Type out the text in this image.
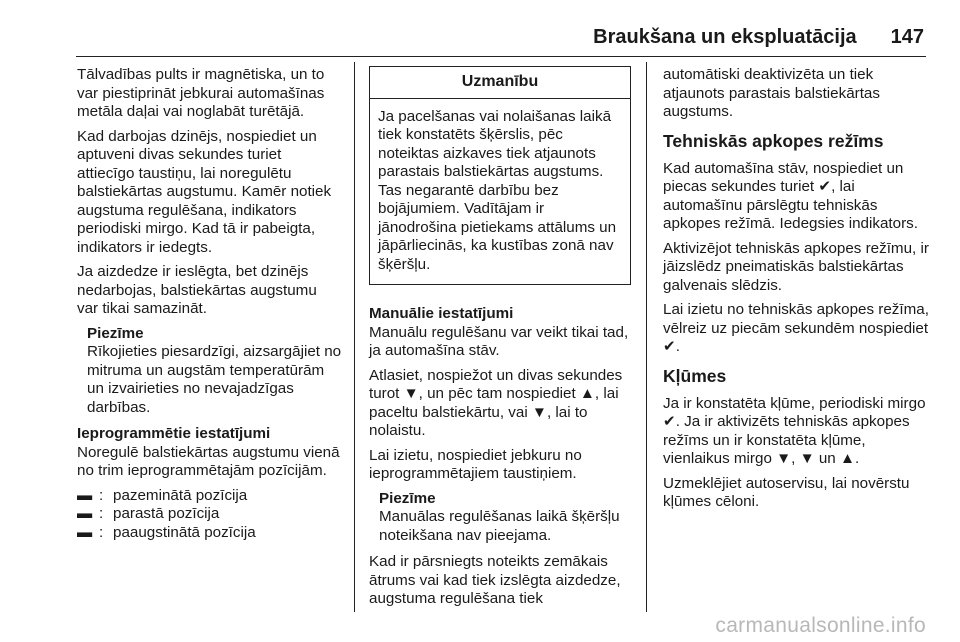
Braukšana un ekspluatācija 147

Tālvadības pults ir magnētiska, un to var piestiprināt jebkurai automašīnas metāla daļai vai noglabāt turētājā.

Kad darbojas dzinējs, nospiediet un aptuveni divas sekundes turiet attiecīgo taustiņu, lai noregulētu balstiekārtas augstumu. Kamēr notiek augstuma regulēšana, indikators periodiski mirgo. Kad tā ir pabeigta, indikators ir iedegts.

Ja aizdedze ir ieslēgta, bet dzinējs nedarbojas, balstiekārtas augstumu var tikai samazināt.

Piezīme
Rīkojieties piesardzīgi, aizsargājiet no mitruma un augstām temperatūrām un izvairieties no nevajadzīgas darbības.
Ieprogrammētie iestatījumi

Noregulē balstiekārtas augstumu vienā no trim ieprogrammētajām pozīcijām.

▬ : pazeminātā pozīcija
▬ : parastā pozīcija
▬ : paaugstinātā pozīcija
Uzmanību
Ja pacelšanas vai nolaišanas laikā tiek konstatēts šķērslis, pēc noteiktas aizkaves tiek atjaunots parastais balstiekārtas augstums. Tas negarantē darbību bez bojājumiem. Vadītājam ir jānodrošina pietiekams attālums un jāpārliecinās, ka kustības zonā nav šķēršļu.
Manuālie iestatījumi

Manuālu regulēšanu var veikt tikai tad, ja automašīna stāv.

Atlasiet, nospiežot un divas sekundes turot ▼, un pēc tam nospiediet ▲, lai paceltu balstiekārtu, vai ▼, lai to nolaistu.

Lai izietu, nospiediet jebkuru no ieprogrammētajiem taustiņiem.

Piezīme
Manuālas regulēšanas laikā šķēršļu noteikšana nav pieejama.

Kad ir pārsniegts noteikts zemākais ātrums vai kad tiek izslēgta aizdedze, augstuma regulēšana tiek

automātiski deaktivizēta un tiek atjaunots parastais balstiekārtas augstums.

Tehniskās apkopes režīms

Kad automašīna stāv, nospiediet un piecas sekundes turiet ✔, lai automašīnu pārslēgtu tehniskās apkopes režīmā. Iedegsies indikators.

Aktivizējot tehniskās apkopes režīmu, ir jāizslēdz pneimatiskās balstiekārtas galvenais slēdzis.

Lai izietu no tehniskās apkopes režīma, vēlreiz uz piecām sekundēm nospiediet ✔.

Kļūmes

Ja ir konstatēta kļūme, periodiski mirgo ✔. Ja ir aktivizēts tehniskās apkopes režīms un ir konstatēta kļūme, vienlaikus mirgo ▼, ▼ un ▲.

Uzmeklējiet autoservisu, lai novērstu kļūmes cēloni.

carmanualsonline.info
